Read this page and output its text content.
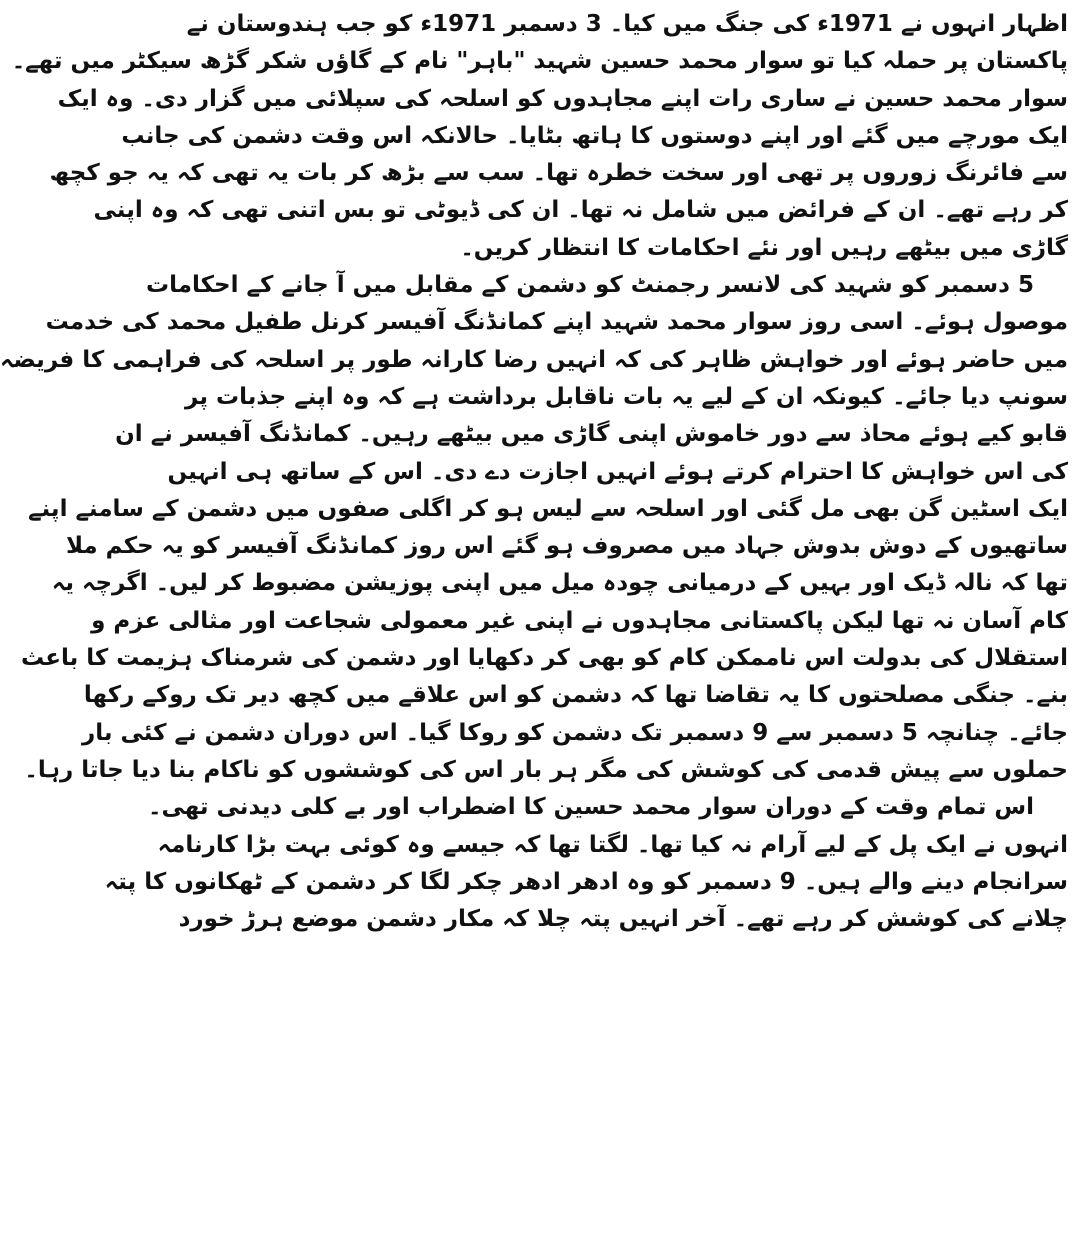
اظہار انہوں نے 1971ء کی جنگ میں کیا۔ 3 دسمبر 1971ء کو جب ہندوستان نے
پاکستان پر حملہ کیا تو سوار محمد حسین شہید "باہر" نام کے گاؤں شکر گڑھ سیکٹر میں تھے۔
سوار محمد حسین نے ساری رات اپنے مجاہدوں کو اسلحہ کی سپلائی میں گزار دی۔ وہ ایک
ایک مورچے میں گئے اور اپنے دوستوں کا ہاتھ بٹایا۔ حالانکہ اس وقت دشمن کی جانب
سے فائرنگ زوروں پر تھی اور سخت خطرہ تھا۔ سب سے بڑھ کر بات یہ تھی کہ یہ جو کچھ
کر رہے تھے۔ ان کے فرائض میں شامل نہ تھا۔ ان کی ڈیوٹی تو بس اتنی تھی کہ وہ اپنی
گاڑی میں بیٹھے رہیں اور نئے احکامات کا انتظار کریں۔
5 دسمبر کو شہید کی لانسر رجمنٹ کو دشمن کے مقابل میں آ جانے کے احکامات
موصول ہوئے۔ اسی روز سوار محمد شہید اپنے کمانڈنگ آفیسر کرنل طفیل محمد کی خدمت
میں حاضر ہوئے اور خواہش ظاہر کی کہ انہیں رضا کارانہ طور پر اسلحہ کی فراہمی کا فریضہ
سونپ دیا جائے۔ کیونکہ ان کے لیے یہ بات ناقابل برداشت ہے کہ وہ اپنے جذبات پر
قابو کیے ہوئے محاذ سے دور خاموش اپنی گاڑی میں بیٹھے رہیں۔ کمانڈنگ آفیسر نے ان
کی اس خواہش کا احترام کرتے ہوئے انہیں اجازت دے دی۔ اس کے ساتھ ہی انہیں
ایک اسٹین گن بھی مل گئی اور اسلحہ سے لیس ہو کر اگلی صفوں میں دشمن کے سامنے اپنے
ساتھیوں کے دوش بدوش جہاد میں مصروف ہو گئے اس روز کمانڈنگ آفیسر کو یہ حکم ملا
تھا کہ نالہ ڈیک اور بہیں کے درمیانی چودہ میل میں اپنی پوزیشن مضبوط کر لیں۔ اگرچہ یہ
کام آسان نہ تھا لیکن پاکستانی مجاہدوں نے اپنی غیر معمولی شجاعت اور مثالی عزم و
استقلال کی بدولت اس ناممکن کام کو بھی کر دکھایا اور دشمن کی شرمناک ہزیمت کا باعث
بنے۔ جنگی مصلحتوں کا یہ تقاضا تھا کہ دشمن کو اس علاقے میں کچھ دیر تک روکے رکھا
جائے۔ چنانچہ 5 دسمبر سے 9 دسمبر تک دشمن کو روکا گیا۔ اس دوران دشمن نے کئی بار
حملوں سے پیش قدمی کی کوشش کی مگر ہر بار اس کی کوششوں کو ناکام بنا دیا جاتا رہا۔
اس تمام وقت کے دوران سوار محمد حسین کا اضطراب اور بے کلی دیدنی تھی۔
انہوں نے ایک پل کے لیے آرام نہ کیا تھا۔ لگتا تھا کہ جیسے وہ کوئی بہت بڑا کارنامہ
سرانجام دینے والے ہیں۔ 9 دسمبر کو وہ ادھر ادھر چکر لگا کر دشمن کے ٹھکانوں کا پتہ
چلانے کی کوشش کر رہے تھے۔ آخر انہیں پتہ چلا کہ مکار دشمن موضع ہرڑ خورد
